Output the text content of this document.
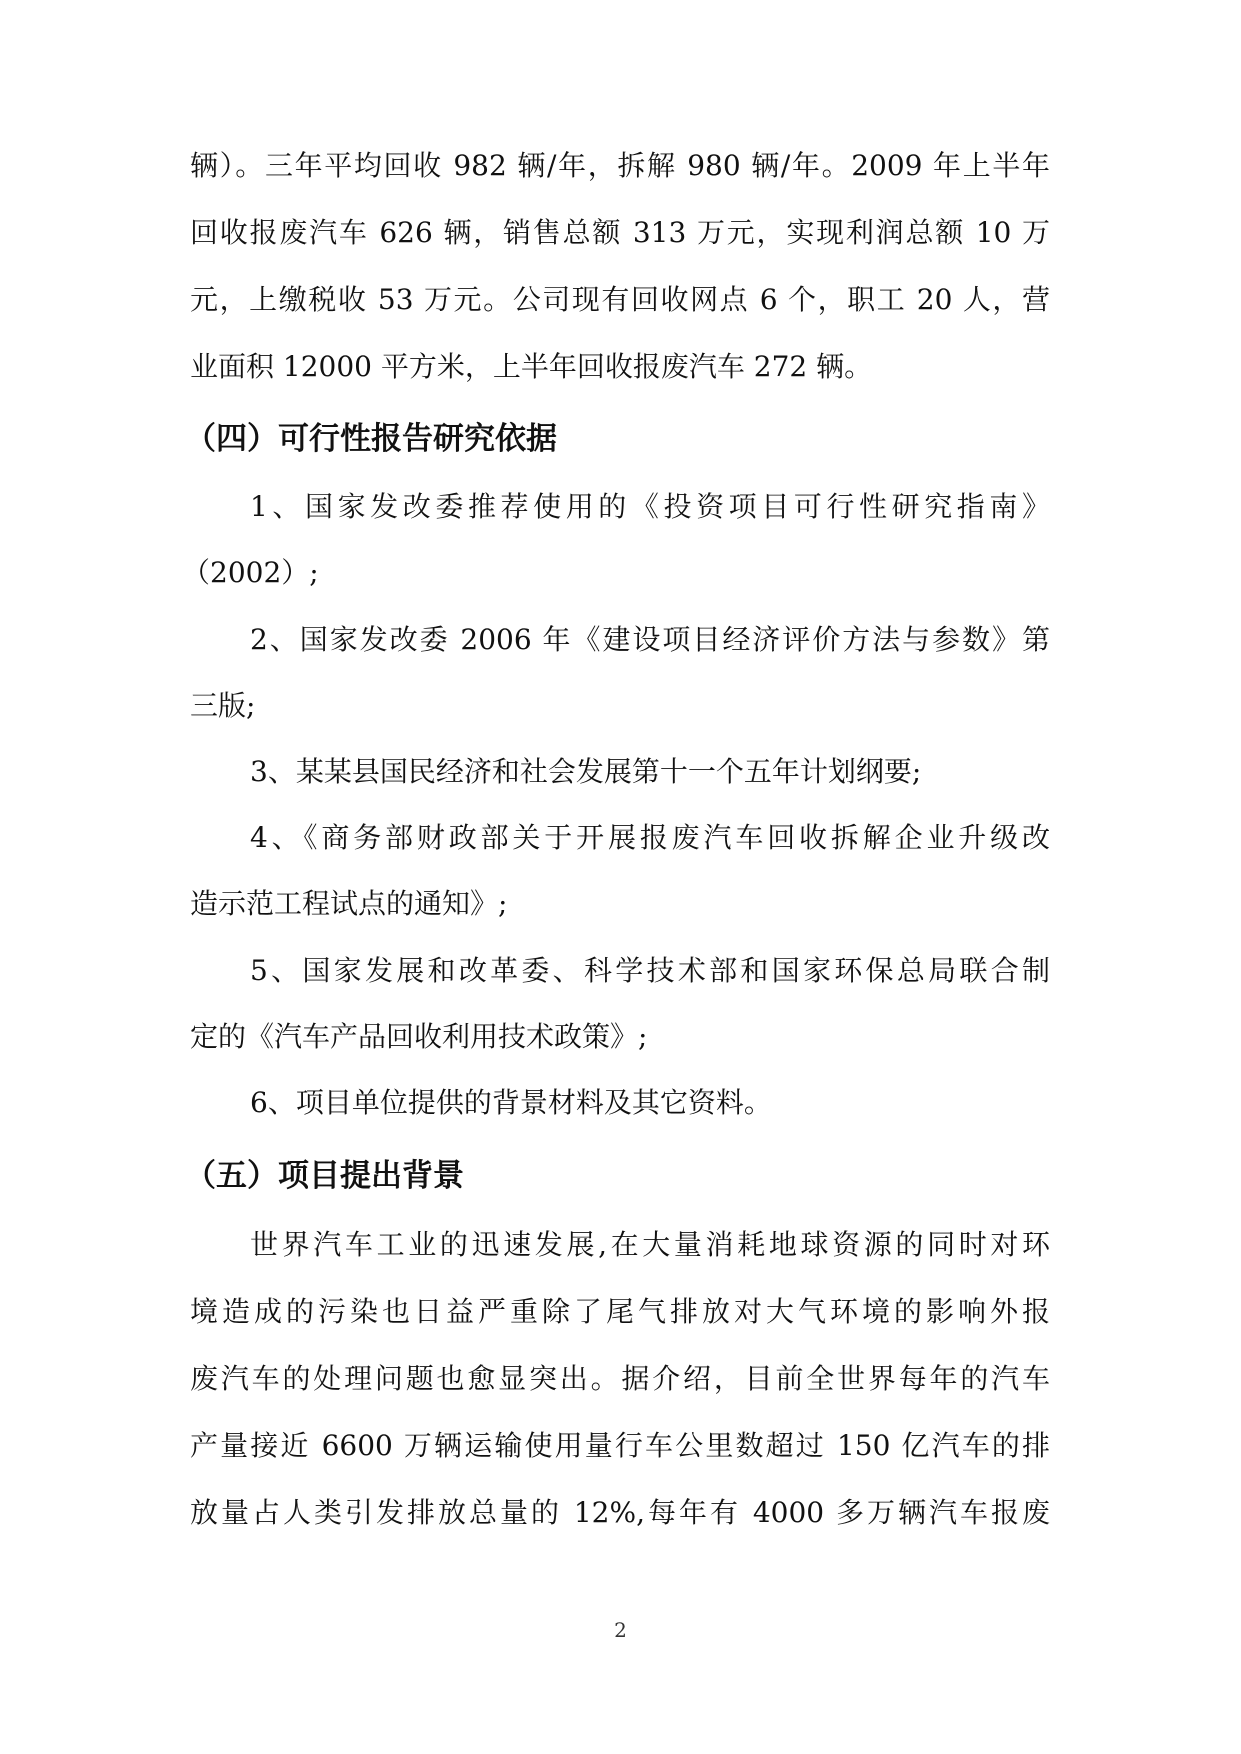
辆）。三年平均回收 982 辆/年，拆解 980 辆/年。2009 年上半年
回收报废汽车 626 辆，销售总额 313 万元，实现利润总额 10 万
元，上缴税收 53 万元。公司现有回收网点 6 个，职工 20 人，营
业面积 12000 平方米，上半年回收报废汽车 272 辆。
（四）可行性报告研究依据
1、国家发改委推荐使用的《投资项目可行性研究指南》
（2002）;
2、国家发改委 2006 年《建设项目经济评价方法与参数》第
三版;
3、某某县国民经济和社会发展第十一个五年计划纲要;
4、《商务部财政部关于开展报废汽车回收拆解企业升级改
造示范工程试点的通知》;
5、国家发展和改革委、科学技术部和国家环保总局联合制
定的《汽车产品回收利用技术政策》;
6、项目单位提供的背景材料及其它资料。
（五）项目提出背景
世界汽车工业的迅速发展,在大量消耗地球资源的同时对环
境造成的污染也日益严重除了尾气排放对大气环境的影响外报
废汽车的处理问题也愈显突出。据介绍，目前全世界每年的汽车
产量接近 6600 万辆运输使用量行车公里数超过 150 亿汽车的排
放量占人类引发排放总量的 12%,每年有 4000 多万辆汽车报废
2
